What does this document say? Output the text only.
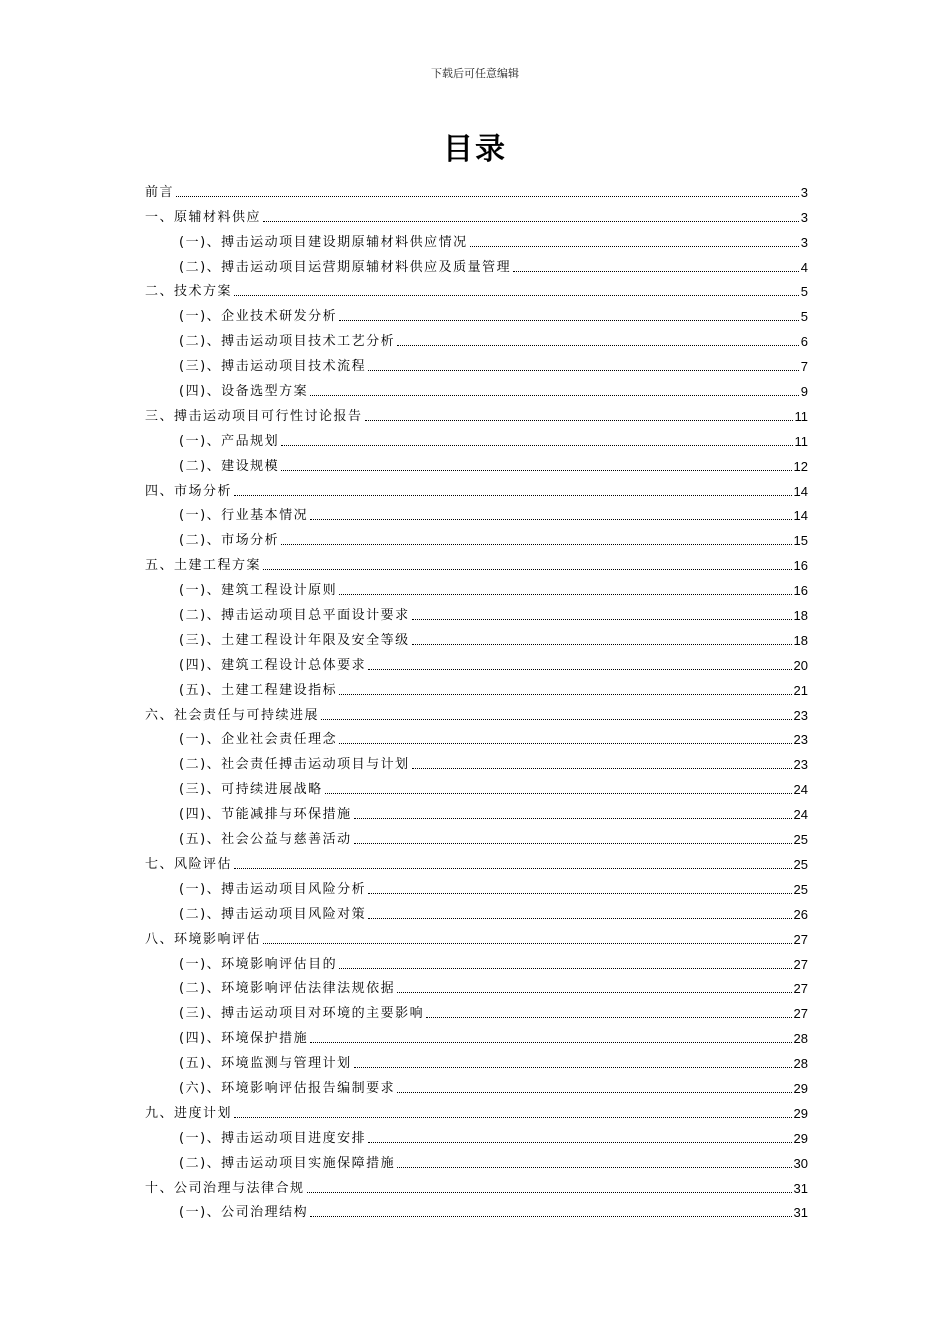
下载后可任意编辑
目录
前言	3
一、原辅材料供应	3
(一)、搏击运动项目建设期原辅材料供应情况	3
(二)、搏击运动项目运营期原辅材料供应及质量管理	4
二、技术方案	5
(一)、企业技术研发分析	5
(二)、搏击运动项目技术工艺分析	6
(三)、搏击运动项目技术流程	7
(四)、设备选型方案	9
三、搏击运动项目可行性讨论报告	11
(一)、产品规划	11
(二)、建设规模	12
四、市场分析	14
(一)、行业基本情况	14
(二)、市场分析	15
五、土建工程方案	16
(一)、建筑工程设计原则	16
(二)、搏击运动项目总平面设计要求	18
(三)、土建工程设计年限及安全等级	18
(四)、建筑工程设计总体要求	20
(五)、土建工程建设指标	21
六、社会责任与可持续进展	23
(一)、企业社会责任理念	23
(二)、社会责任搏击运动项目与计划	23
(三)、可持续进展战略	24
(四)、节能减排与环保措施	24
(五)、社会公益与慈善活动	25
七、风险评估	25
(一)、搏击运动项目风险分析	25
(二)、搏击运动项目风险对策	26
八、环境影响评估	27
(一)、环境影响评估目的	27
(二)、环境影响评估法律法规依据	27
(三)、搏击运动项目对环境的主要影响	27
(四)、环境保护措施	28
(五)、环境监测与管理计划	28
(六)、环境影响评估报告编制要求	29
九、进度计划	29
(一)、搏击运动项目进度安排	29
(二)、搏击运动项目实施保障措施	30
十、公司治理与法律合规	31
(一)、公司治理结构	31
